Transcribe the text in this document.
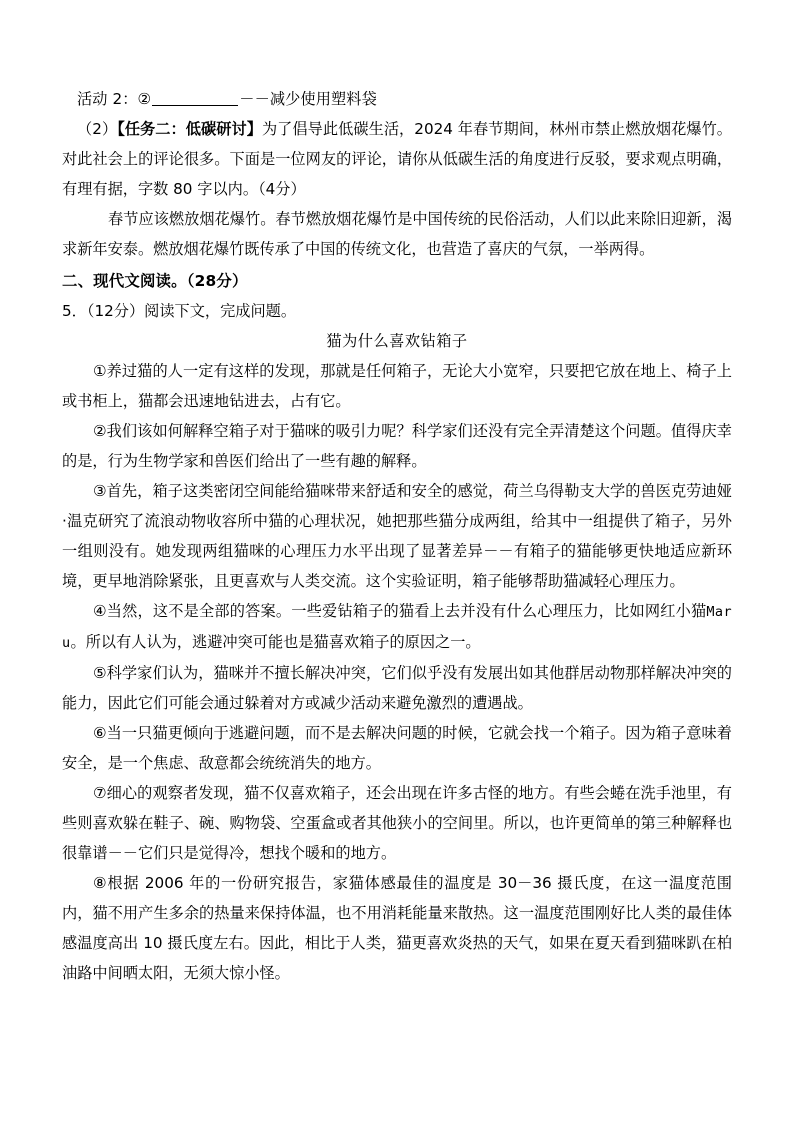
活动 2：②	－－减少使用塑料袋

（2）【任务二：低碳研讨】为了倡导此低碳生活，2024 年春节期间，林州市禁止燃放烟花爆竹。对此社会上的评论很多。下面是一位网友的评论，请你从低碳生活的角度进行反驳，要求观点明确，有理有据，字数 80 字以内。（4分）

春节应该燃放烟花爆竹。春节燃放烟花爆竹是中国传统的民俗活动，人们以此来除旧迎新，渴求新年安泰。燃放烟花爆竹既传承了中国的传统文化，也营造了喜庆的气氛，一举两得。

二、现代文阅读。（28分）

5．（12分）阅读下文，完成问题。

猫为什么喜欢钻箱子

①养过猫的人一定有这样的发现，那就是任何箱子，无论大小宽窄，只要把它放在地上、椅子上或书柜上，猫都会迅速地钻进去，占有它。

②我们该如何解释空箱子对于猫咪的吸引力呢？科学家们还没有完全弄清楚这个问题。值得庆幸的是，行为生物学家和兽医们给出了一些有趣的解释。

③首先，箱子这类密闭空间能给猫咪带来舒适和安全的感觉，荷兰乌得勒支大学的兽医克劳迪娅·温克研究了流浪动物收容所中猫的心理状况，她把那些猫分成两组，给其中一组提供了箱子，另外一组则没有。她发现两组猫咪的心理压力水平出现了显著差异－－有箱子的猫能够更快地适应新环境，更早地消除紧张，且更喜欢与人类交流。这个实验证明，箱子能够帮助猫减轻心理压力。

④当然，这不是全部的答案。一些爱钻箱子的猫看上去并没有什么心理压力，比如网红小猫Maru。所以有人认为，逃避冲突可能也是猫喜欢箱子的原因之一。

⑤科学家们认为，猫咪并不擅长解决冲突，它们似乎没有发展出如其他群居动物那样解决冲突的能力，因此它们可能会通过躲着对方或减少活动来避免激烈的遭遇战。

⑥当一只猫更倾向于逃避问题，而不是去解决问题的时候，它就会找一个箱子。因为箱子意味着安全，是一个焦虑、敌意都会统统消失的地方。

⑦细心的观察者发现，猫不仅喜欢箱子，还会出现在许多古怪的地方。有些会蜷在洗手池里，有些则喜欢躲在鞋子、碗、购物袋、空蛋盒或者其他狭小的空间里。所以，也许更简单的第三种解释也很靠谱－－它们只是觉得冷，想找个暖和的地方。

⑧根据 2006 年的一份研究报告，家猫体感最佳的温度是 30－36 摄氏度，在这一温度范围内，猫不用产生多余的热量来保持体温，也不用消耗能量来散热。这一温度范围刚好比人类的最佳体感温度高出 10 摄氏度左右。因此，相比于人类，猫更喜欢炎热的天气，如果在夏天看到猫咪趴在柏油路中间晒太阳，无须大惊小怪。
